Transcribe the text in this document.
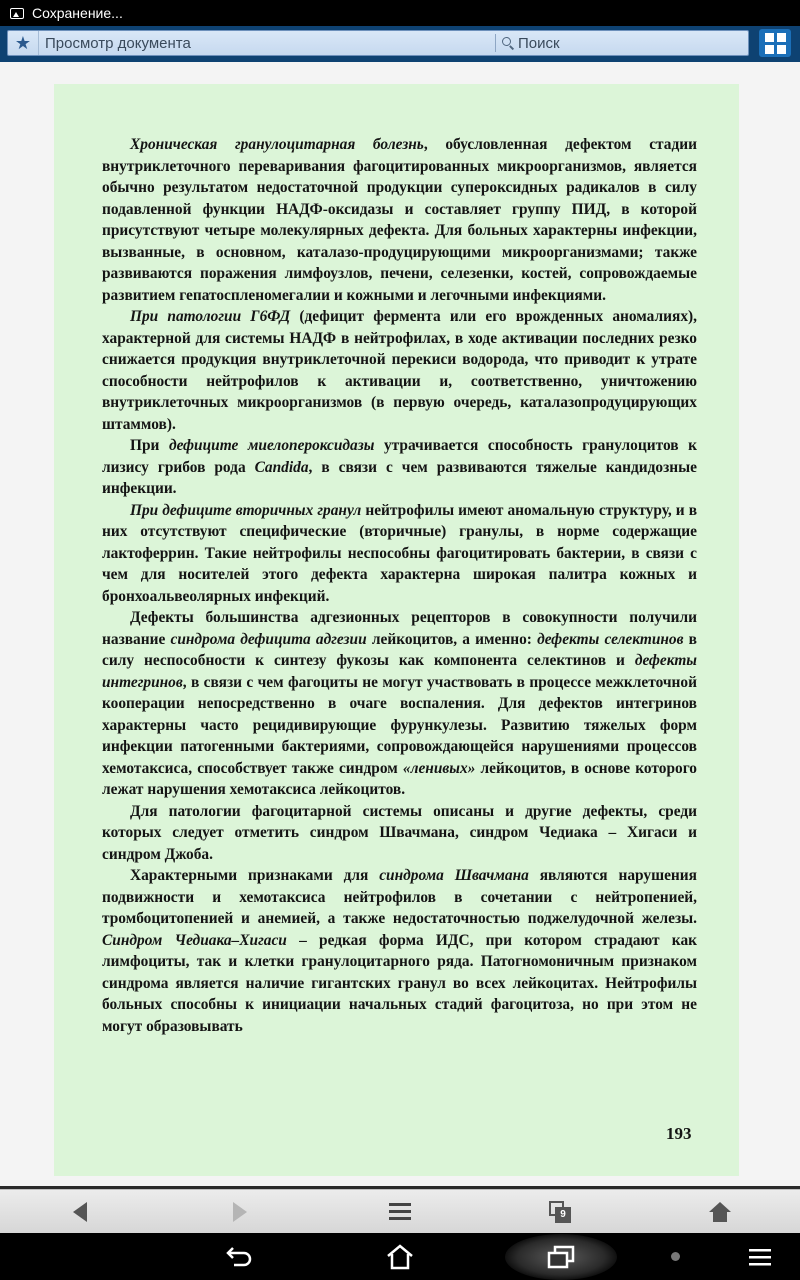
Сохранение...
★ Просмотр документа	Поиск

Хроническая гранулоцитарная болезнь, обусловленная дефектом стадии внутриклеточного переваривания фагоцитированных микроорганизмов, является обычно результатом недостаточной продукции супероксидных радикалов в силу подавленной функции НАДФ-оксидазы и составляет группу ПИД, в которой присутствуют четыре молекулярных дефекта. Для больных характерны инфекции, вызванные, в основном, каталазо-продуцирующими микроорганизмами; также развиваются поражения лимфоузлов, печени, селезенки, костей, сопровождаемые развитием гепатоспленомегалии и кожными и легочными инфекциями.

При патологии Г6ФД (дефицит фермента или его врожденных аномалиях), характерной для системы НАДФ в нейтрофилах, в ходе активации последних резко снижается продукция внутриклеточной перекиси водорода, что приводит к утрате способности нейтрофилов к активации и, соответственно, уничтожению внутриклеточных микроорганизмов (в первую очередь, каталазопродуцирующих штаммов).

При дефиците миелопероксидазы утрачивается способность гранулоцитов к лизису грибов рода Candida, в связи с чем развиваются тяжелые кандидозные инфекции.

При дефиците вторичных гранул нейтрофилы имеют аномальную структуру, и в них отсутствуют специфические (вторичные) гранулы, в норме содержащие лактоферрин. Такие нейтрофилы неспособны фагоцитировать бактерии, в связи с чем для носителей этого дефекта характерна широкая палитра кожных и бронхоальвеолярных инфекций.

Дефекты большинства адгезионных рецепторов в совокупности получили название синдрома дефицита адгезии лейкоцитов, а именно: дефекты селектинов в силу неспособности к синтезу фукозы как компонента селектинов и дефекты интегринов, в связи с чем фагоциты не могут участвовать в процессе межклеточной кооперации непосредственно в очаге воспаления. Для дефектов интегринов характерны часто рецидивирующие фурункулезы. Развитию тяжелых форм инфекции патогенными бактериями, сопровождающейся нарушениями процессов хемотаксиса, способствует также синдром «ленивых» лейкоцитов, в основе которого лежат нарушения хемотаксиса лейкоцитов.

Для патологии фагоцитарной системы описаны и другие дефекты, среди которых следует отметить синдром Швачмана, синдром Чедиака – Хигаси и синдром Джоба.

Характерными признаками для синдрома Швачмана являются нарушения подвижности и хемотаксиса нейтрофилов в сочетании с нейтропенией, тромбоцитопенией и анемией, а также недостаточностью поджелудочной железы. Синдром Чедиака–Хигаси – редкая форма ИДС, при котором страдают как лимфоциты, так и клетки гранулоцитарного ряда. Патогномоничным признаком синдрома является наличие гигантских гранул во всех лейкоцитах. Нейтрофилы больных способны к инициации начальных стадий фагоцитоза, но при этом не могут образовывать

193
9
